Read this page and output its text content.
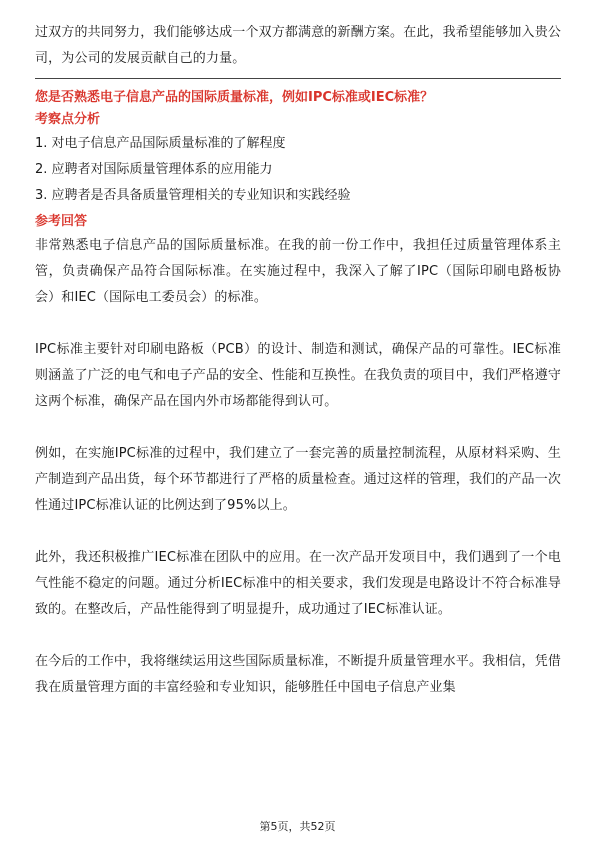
过双方的共同努力，我们能够达成一个双方都满意的新酬方案。在此，我希望能够加入贵公司，为公司的发展贡献自己的力量。

您是否熟悉电子信息产品的国际质量标准，例如IPC标准或IEC标准？

考察点分析

1. 对电子信息产品国际质量标准的了解程度
2. 应聘者对国际质量管理体系的应用能力
3. 应聘者是否具备质量管理相关的专业知识和实践经验

参考回答

非常熟悉电子信息产品的国际质量标准。在我的前一份工作中，我担任过质量管理体系主管，负责确保产品符合国际标准。在实施过程中，我深入了解了IPC（国际印刷电路板协会）和IEC（国际电工委员会）的标准。

IPC标准主要针对印刷电路板（PCB）的设计、制造和测试，确保产品的可靠性。IEC标准则涵盖了广泛的电气和电子产品的安全、性能和互换性。在我负责的项目中，我们严格遵守这两个标准，确保产品在国内外市场都能得到认可。

例如，在实施IPC标准的过程中，我们建立了一套完善的质量控制流程，从原材料采购、生产制造到产品出货，每个环节都进行了严格的质量检查。通过这样的管理，我们的产品一次性通过IPC标准认证的比例达到了95%以上。

此外，我还积极推广IEC标准在团队中的应用。在一次产品开发项目中，我们遇到了一个电气性能不稳定的问题。通过分析IEC标准中的相关要求，我们发现是电路设计不符合标准导致的。在整改后，产品性能得到了明显提升，成功通过了IEC标准认证。

在今后的工作中，我将继续运用这些国际质量标准，不断提升质量管理水平。我相信，凭借我在质量管理方面的丰富经验和专业知识，能够胜任中国电子信息产业集

第5页，共52页
